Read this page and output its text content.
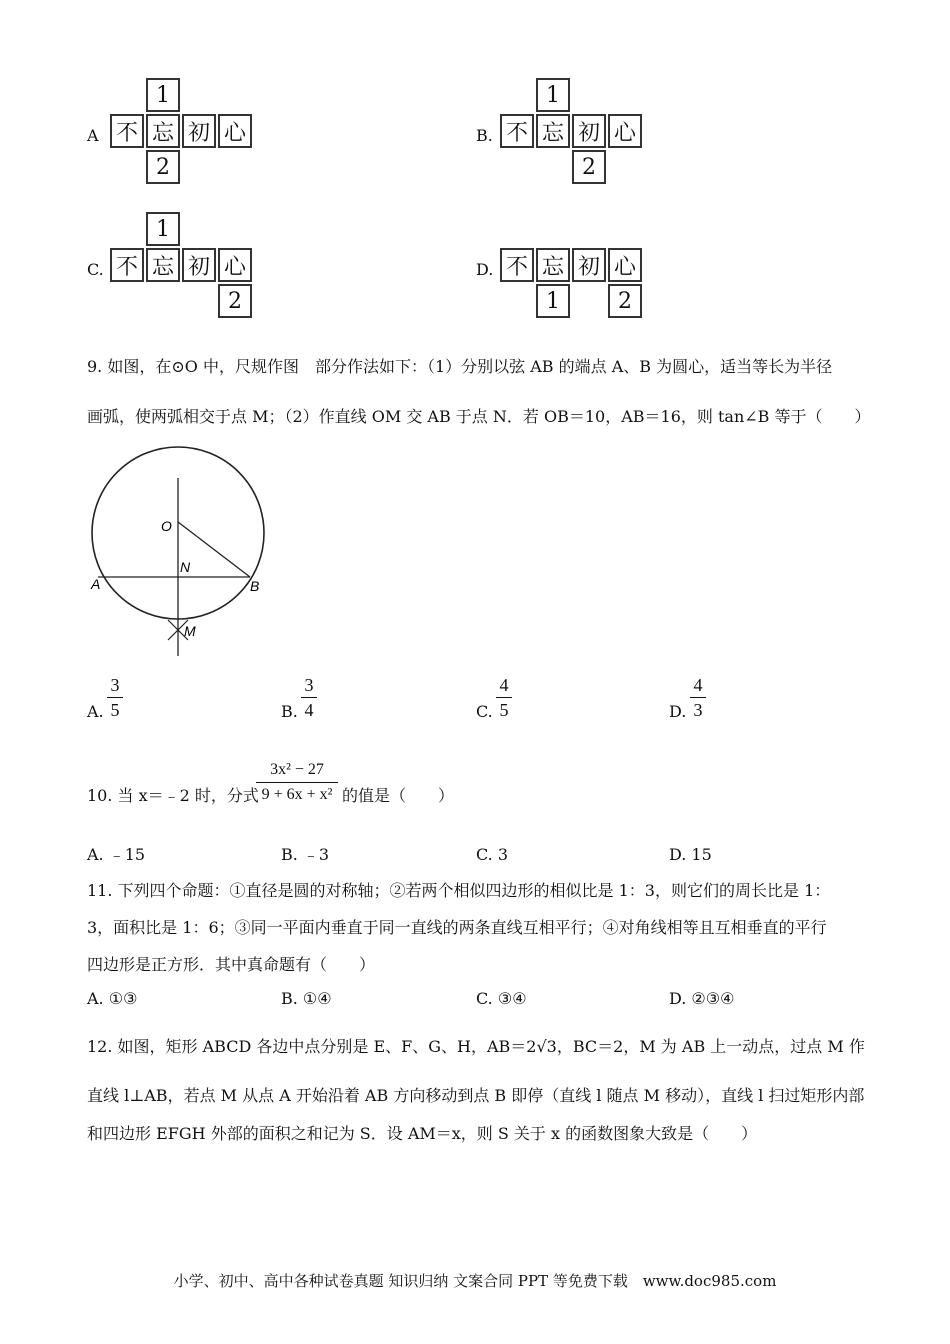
A
1
不 忘 初 心
2
B.
1
不 忘 初 心
2
C.
1
不 忘 初 心
2
D. 不 忘 初 心
1	2
9. 如图，在⊙O 中，尺规作图　部分作法如下：（1）分别以弦 AB 的端点 A、B 为圆心，适当等长为半径
画弧，使两弧相交于点 M；（2）作直线 OM 交 AB 于点 N．若 OB＝10，AB＝16，则 tan∠B 等于（　　）
O
N
A	B
M
A.
3
5	B.
3
4	C.
4
5	D.
4
3
10. 当 x＝﹣2 时，分式
3x² − 27
9 + 6x + x² 的值是（　　）
A. ﹣15	B. ﹣3	C. 3	D. 15
11. 下列四个命题：①直径是圆的对称轴；②若两个相似四边形的相似比是 1：3，则它们的周长比是 1：
3，面积比是 1：6；③同一平面内垂直于同一直线的两条直线互相平行；④对角线相等且互相垂直的平行
四边形是正方形．其中真命题有（　　）
A. ①③	B. ①④	C. ③④	D. ②③④
12. 如图，矩形 ABCD 各边中点分别是 E、F、G、H，AB＝2√3，BC＝2，M 为 AB 上一动点，过点 M 作
直线 l⊥AB，若点 M 从点 A 开始沿着 AB 方向移动到点 B 即停（直线 l 随点 M 移动），直线 l 扫过矩形内部
和四边形 EFGH 外部的面积之和记为 S．设 AM＝x，则 S 关于 x 的函数图象大致是（　　）
小学、初中、高中各种试卷真题 知识归纳 文案合同 PPT 等免费下载　www.doc985.com
